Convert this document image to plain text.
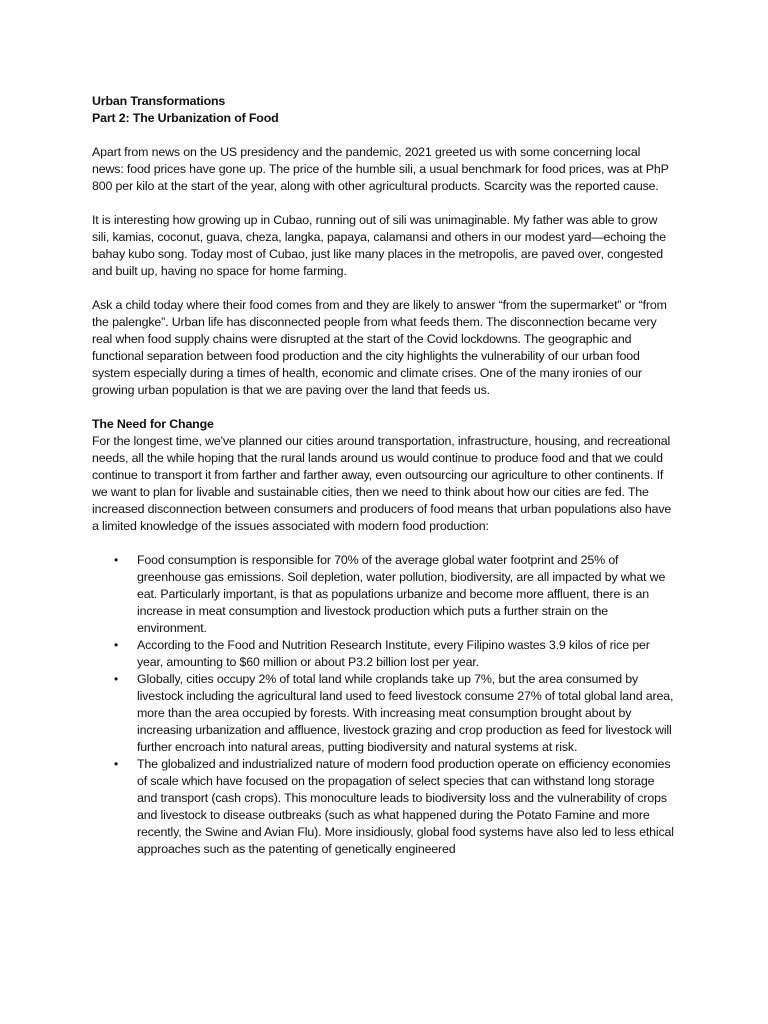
Urban Transformations

Part 2: The Urbanization of Food

Apart from news on the US presidency and the pandemic, 2021 greeted us with some concerning local news: food prices have gone up. The price of the humble sili, a usual benchmark for food prices, was at PhP 800 per kilo at the start of the year, along with other agricultural products. Scarcity was the reported cause.

It is interesting how growing up in Cubao, running out of sili was unimaginable. My father was able to grow sili, kamias, coconut, guava, cheza, langka, papaya, calamansi and others in our modest yard—echoing the bahay kubo song. Today most of Cubao, just like many places in the metropolis, are paved over, congested and built up, having no space for home farming.

Ask a child today where their food comes from and they are likely to answer “from the supermarket” or “from the palengke”. Urban life has disconnected people from what feeds them. The disconnection became very real when food supply chains were disrupted at the start of the Covid lockdowns. The geographic and functional separation between food production and the city highlights the vulnerability of our urban food system especially during a times of health, economic and climate crises. One of the many ironies of our growing urban population is that we are paving over the land that feeds us.

The Need for Change

For the longest time, we've planned our cities around transportation, infrastructure, housing, and recreational needs, all the while hoping that the rural lands around us would continue to produce food and that we could continue to transport it from farther and farther away, even outsourcing our agriculture to other continents. If we want to plan for livable and sustainable cities, then we need to think about how our cities are fed. The increased disconnection between consumers and producers of food means that urban populations also have a limited knowledge of the issues associated with modern food production:

• Food consumption is responsible for 70% of the average global water footprint and 25% of greenhouse gas emissions. Soil depletion, water pollution, biodiversity, are all impacted by what we eat. Particularly important, is that as populations urbanize and become more affluent, there is an increase in meat consumption and livestock production which puts a further strain on the environment.
• According to the Food and Nutrition Research Institute, every Filipino wastes 3.9 kilos of rice per year, amounting to $60 million or about P3.2 billion lost per year.
• Globally, cities occupy 2% of total land while croplands take up 7%, but the area consumed by livestock including the agricultural land used to feed livestock consume 27% of total global land area, more than the area occupied by forests. With increasing meat consumption brought about by increasing urbanization and affluence, livestock grazing and crop production as feed for livestock will further encroach into natural areas, putting biodiversity and natural systems at risk.
• The globalized and industrialized nature of modern food production operate on efficiency economies of scale which have focused on the propagation of select species that can withstand long storage and transport (cash crops). This monoculture leads to biodiversity loss and the vulnerability of crops and livestock to disease outbreaks (such as what happened during the Potato Famine and more recently, the Swine and Avian Flu). More insidiously, global food systems have also led to less ethical approaches such as the patenting of genetically engineered
